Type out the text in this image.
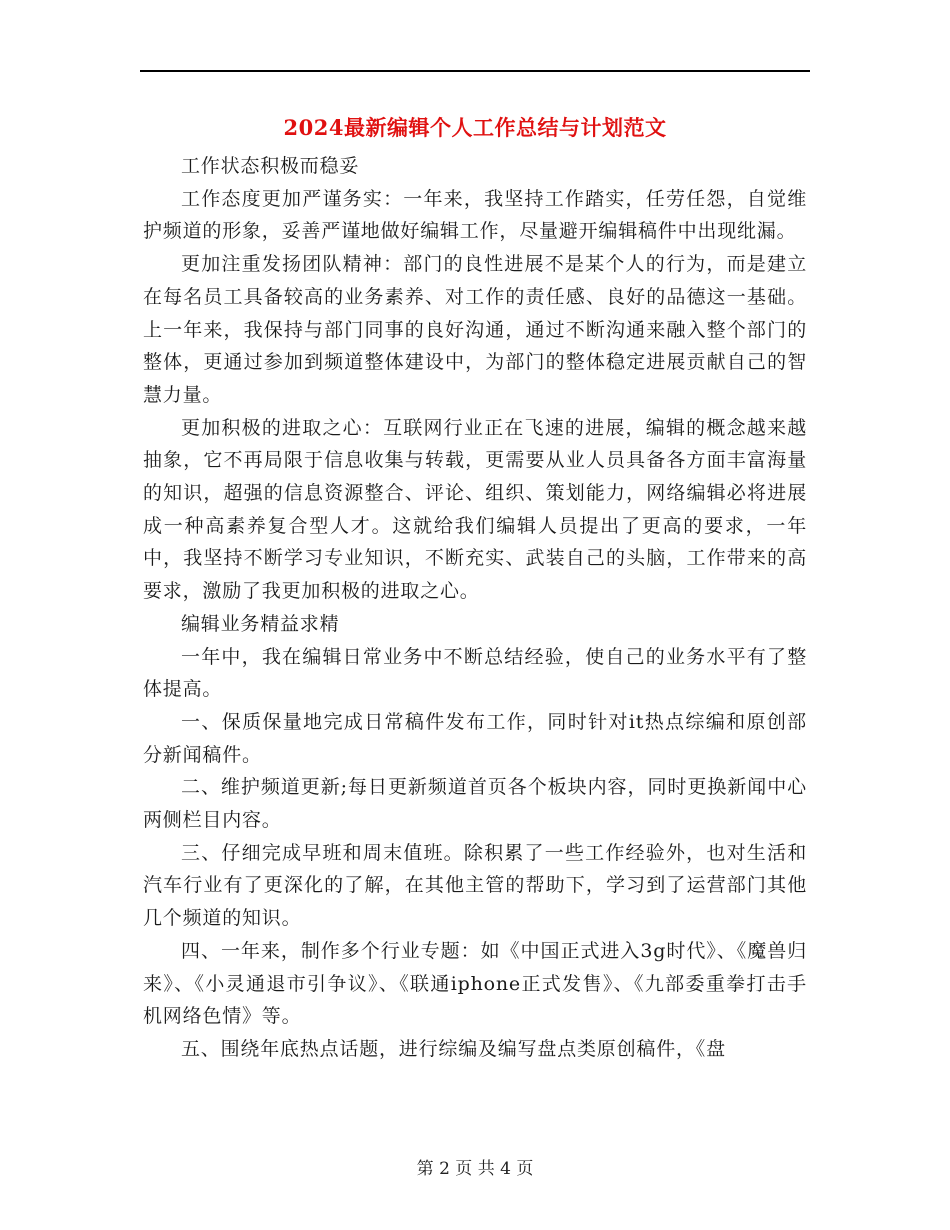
2024最新编辑个人工作总结与计划范文

工作状态积极而稳妥

工作态度更加严谨务实：一年来，我坚持工作踏实，任劳任怨，自觉维护频道的形象，妥善严谨地做好编辑工作，尽量避开编辑稿件中出现纰漏。

更加注重发扬团队精神：部门的良性进展不是某个人的行为，而是建立在每名员工具备较高的业务素养、对工作的责任感、良好的品德这一基础。上一年来，我保持与部门同事的良好沟通，通过不断沟通来融入整个部门的整体，更通过参加到频道整体建设中，为部门的整体稳定进展贡献自己的智慧力量。

更加积极的进取之心：互联网行业正在飞速的进展，编辑的概念越来越抽象，它不再局限于信息收集与转载，更需要从业人员具备各方面丰富海量的知识，超强的信息资源整合、评论、组织、策划能力，网络编辑必将进展成一种高素养复合型人才。这就给我们编辑人员提出了更高的要求，一年中，我坚持不断学习专业知识，不断充实、武装自己的头脑，工作带来的高要求，激励了我更加积极的进取之心。

编辑业务精益求精

一年中，我在编辑日常业务中不断总结经验，使自己的业务水平有了整体提高。

一、保质保量地完成日常稿件发布工作，同时针对it热点综编和原创部分新闻稿件。

二、维护频道更新;每日更新频道首页各个板块内容，同时更换新闻中心两侧栏目内容。

三、仔细完成早班和周末值班。除积累了一些工作经验外，也对生活和汽车行业有了更深化的了解，在其他主管的帮助下，学习到了运营部门其他几个频道的知识。

四、一年来，制作多个行业专题：如《中国正式进入3g时代》、《魔兽归来》、《小灵通退市引争议》、《联通iphone正式发售》、《九部委重拳打击手机网络色情》等。

五、围绕年底热点话题，进行综编及编写盘点类原创稿件，《盘

第 2 页 共 4 页
